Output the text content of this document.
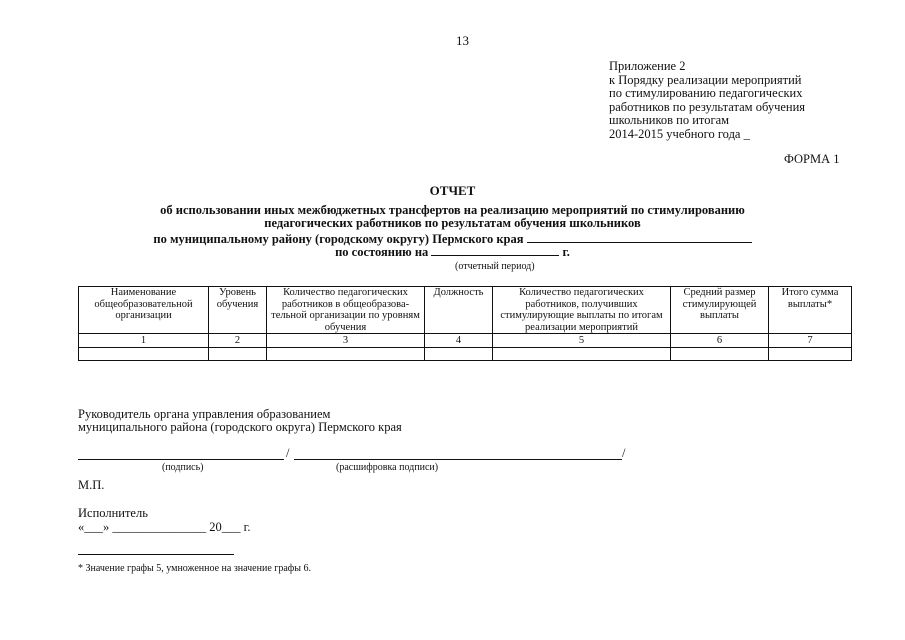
13
Приложение 2
к Порядку реализации мероприятий
по стимулированию педагогических
работников по результатам обучения
школьников по итогам
2014-2015 учебного года _
ФОРМА 1
ОТЧЕТ
об использовании иных межбюджетных трансфертов на реализацию мероприятий по стимулированию
педагогических работников по результатам обучения школьников
по муниципальному району (городскому округу) Пермского края
по состоянию на	г.
(отчетный период)
Наименование общеобразовательной организации	Уровень обучения	Количество педагогических работников в общеобразова-тельной организации по уровням обучения	Должность	Количество педагогических работников, получивших стимулирующие выплаты по итогам реализации мероприятий	Средний размер стимулирующей выплаты	Итого сумма выплаты*
1	2	3	4	5	6	7

Руководитель органа управления образованием
муниципального района (городского округа) Пермского края
/	/
(подпись)	(расшифровка подписи)
М.П.
Исполнитель
«___» _______________ 20___ г.
* Значение графы 5, умноженное на значение графы 6.
